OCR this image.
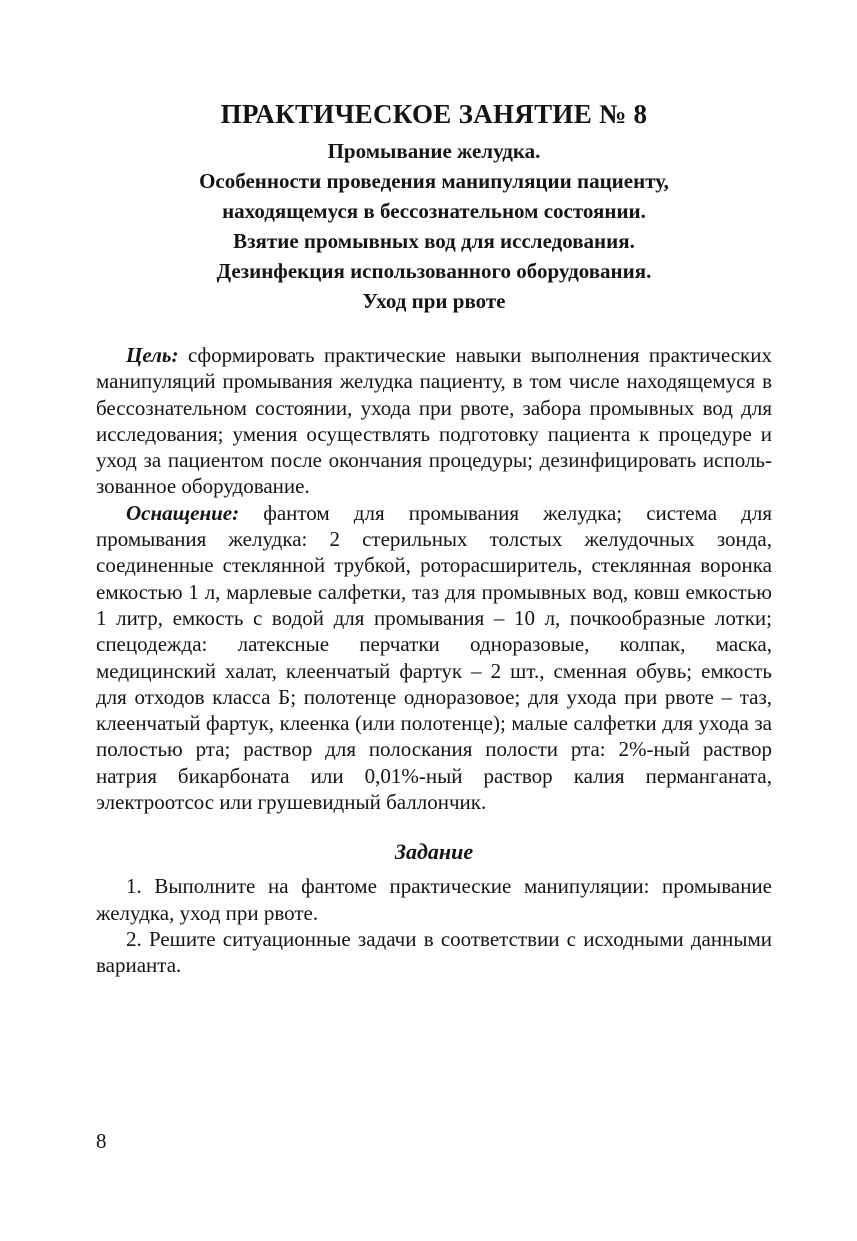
ПРАКТИЧЕСКОЕ ЗАНЯТИЕ № 8

Промывание желудка.

Особенности проведения манипуляции пациенту,

находящемуся в бессознательном состоянии.

Взятие промывных вод для исследования.

Дезинфекция использованного оборудования.

Уход при рвоте

Цель: сформировать практические навыки выполнения практических манипуляций промывания желудка пациенту, в том числе находящемуся в бессознательном состоянии, ухода при рвоте, забора промывных вод для исследования; умения осуществлять подготовку пациента к процедуре и уход за пациентом после окончания процедуры; дезинфицировать использованное оборудование.

Оснащение: фантом для промывания желудка; система для промывания желудка: 2 стерильных толстых желудочных зонда, соединенные стеклянной трубкой, роторасширитель, стеклянная воронка емкостью 1 л, марлевые салфетки, таз для промывных вод, ковш емкостью 1 литр, емкость с водой для промывания – 10 л, почкообразные лотки; спецодежда: латексные перчатки одноразовые, колпак, маска, медицинский халат, клеенчатый фартук – 2 шт., сменная обувь; емкость для отходов класса Б; полотенце одноразовое; для ухода при рвоте – таз, клеенчатый фартук, клеенка (или полотенце); малые салфетки для ухода за полостью рта; раствор для полоскания полости рта: 2%-ный раствор натрия бикарбоната или 0,01%-ный раствор калия перманганата, электроотсос или грушевидный баллончик.

Задание

1. Выполните на фантоме практические манипуляции: промывание желудка, уход при рвоте.

2. Решите ситуационные задачи в соответствии с исходными данными варианта.

8
